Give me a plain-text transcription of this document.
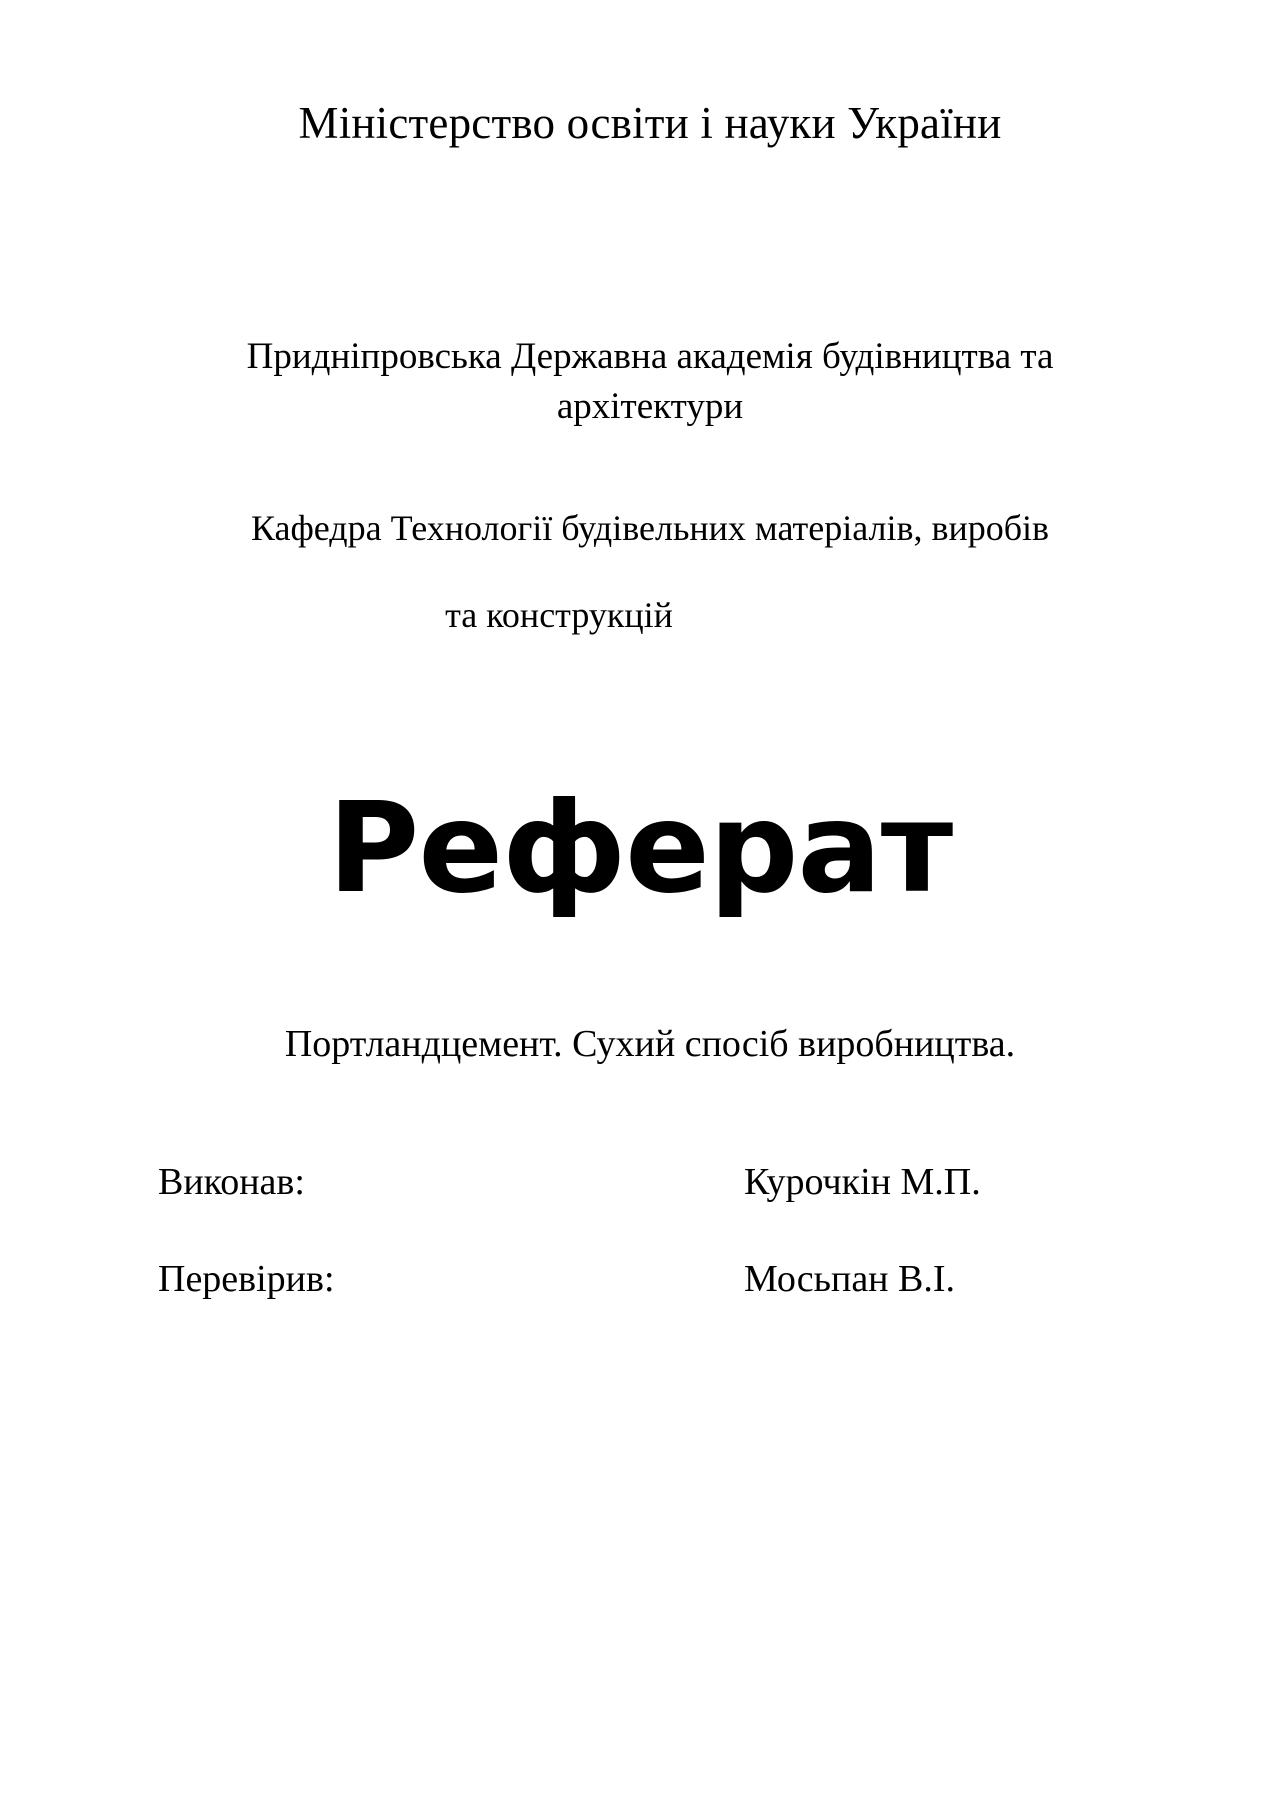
Міністерство освіти і науки України
Придніпровська Державна академія будівництва та архітектури
Кафедра Технології будівельних матеріалів, виробів
та конструкцій
Реферат
Портландцемент. Сухий спосіб виробництва.
Виконав:	Курочкін М.П.
Перевірив:	Мосьпан В.І.
